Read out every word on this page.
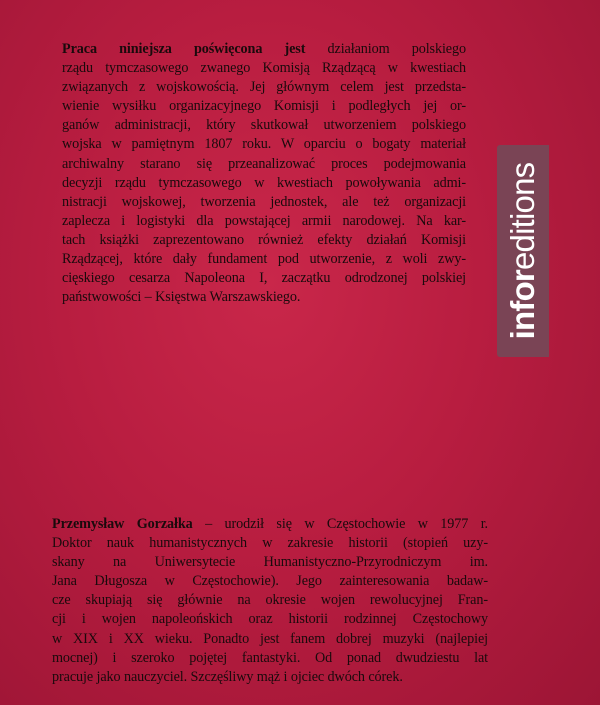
Praca niniejsza poświęcona jest działaniom polskiego
rządu tymczasowego zwanego Komisją Rządzącą w kwestiach
związanych z wojskowością. Jej głównym celem jest przedsta-
wienie wysiłku organizacyjnego Komisji i podległych jej or-
ganów administracji, który skutkował utworzeniem polskiego
wojska w pamiętnym 1807 roku. W oparciu o bogaty materiał
archiwalny starano się przeanalizować proces podejmowania
decyzji rządu tymczasowego w kwestiach powoływania admi-
nistracji wojskowej, tworzenia jednostek, ale też organizacji
zaplecza i logistyki dla powstającej armii narodowej. Na kar-
tach książki zaprezentowano również efekty działań Komisji
Rządzącej, które dały fundament pod utworzenie, z woli zwy-
cięskiego cesarza Napoleona I, zaczątku odrodzonej polskiej
państwowości – Księstwa Warszawskiego.	inforeditions

Przemysław Gorzałka – urodził się w Częstochowie w 1977 r.
Doktor nauk humanistycznych w zakresie historii (stopień uzy-
skany na Uniwersytecie Humanistyczno-Przyrodniczym im.
Jana Długosza w Częstochowie). Jego zainteresowania badaw-
cze skupiają się głównie na okresie wojen rewolucyjnej Fran-
cji i wojen napoleońskich oraz historii rodzinnej Częstochowy
w XIX i XX wieku. Ponadto jest fanem dobrej muzyki (najlepiej
mocnej) i szeroko pojętej fantastyki. Od ponad dwudziestu lat
pracuje jako nauczyciel. Szczęśliwy mąż i ojciec dwóch córek.
